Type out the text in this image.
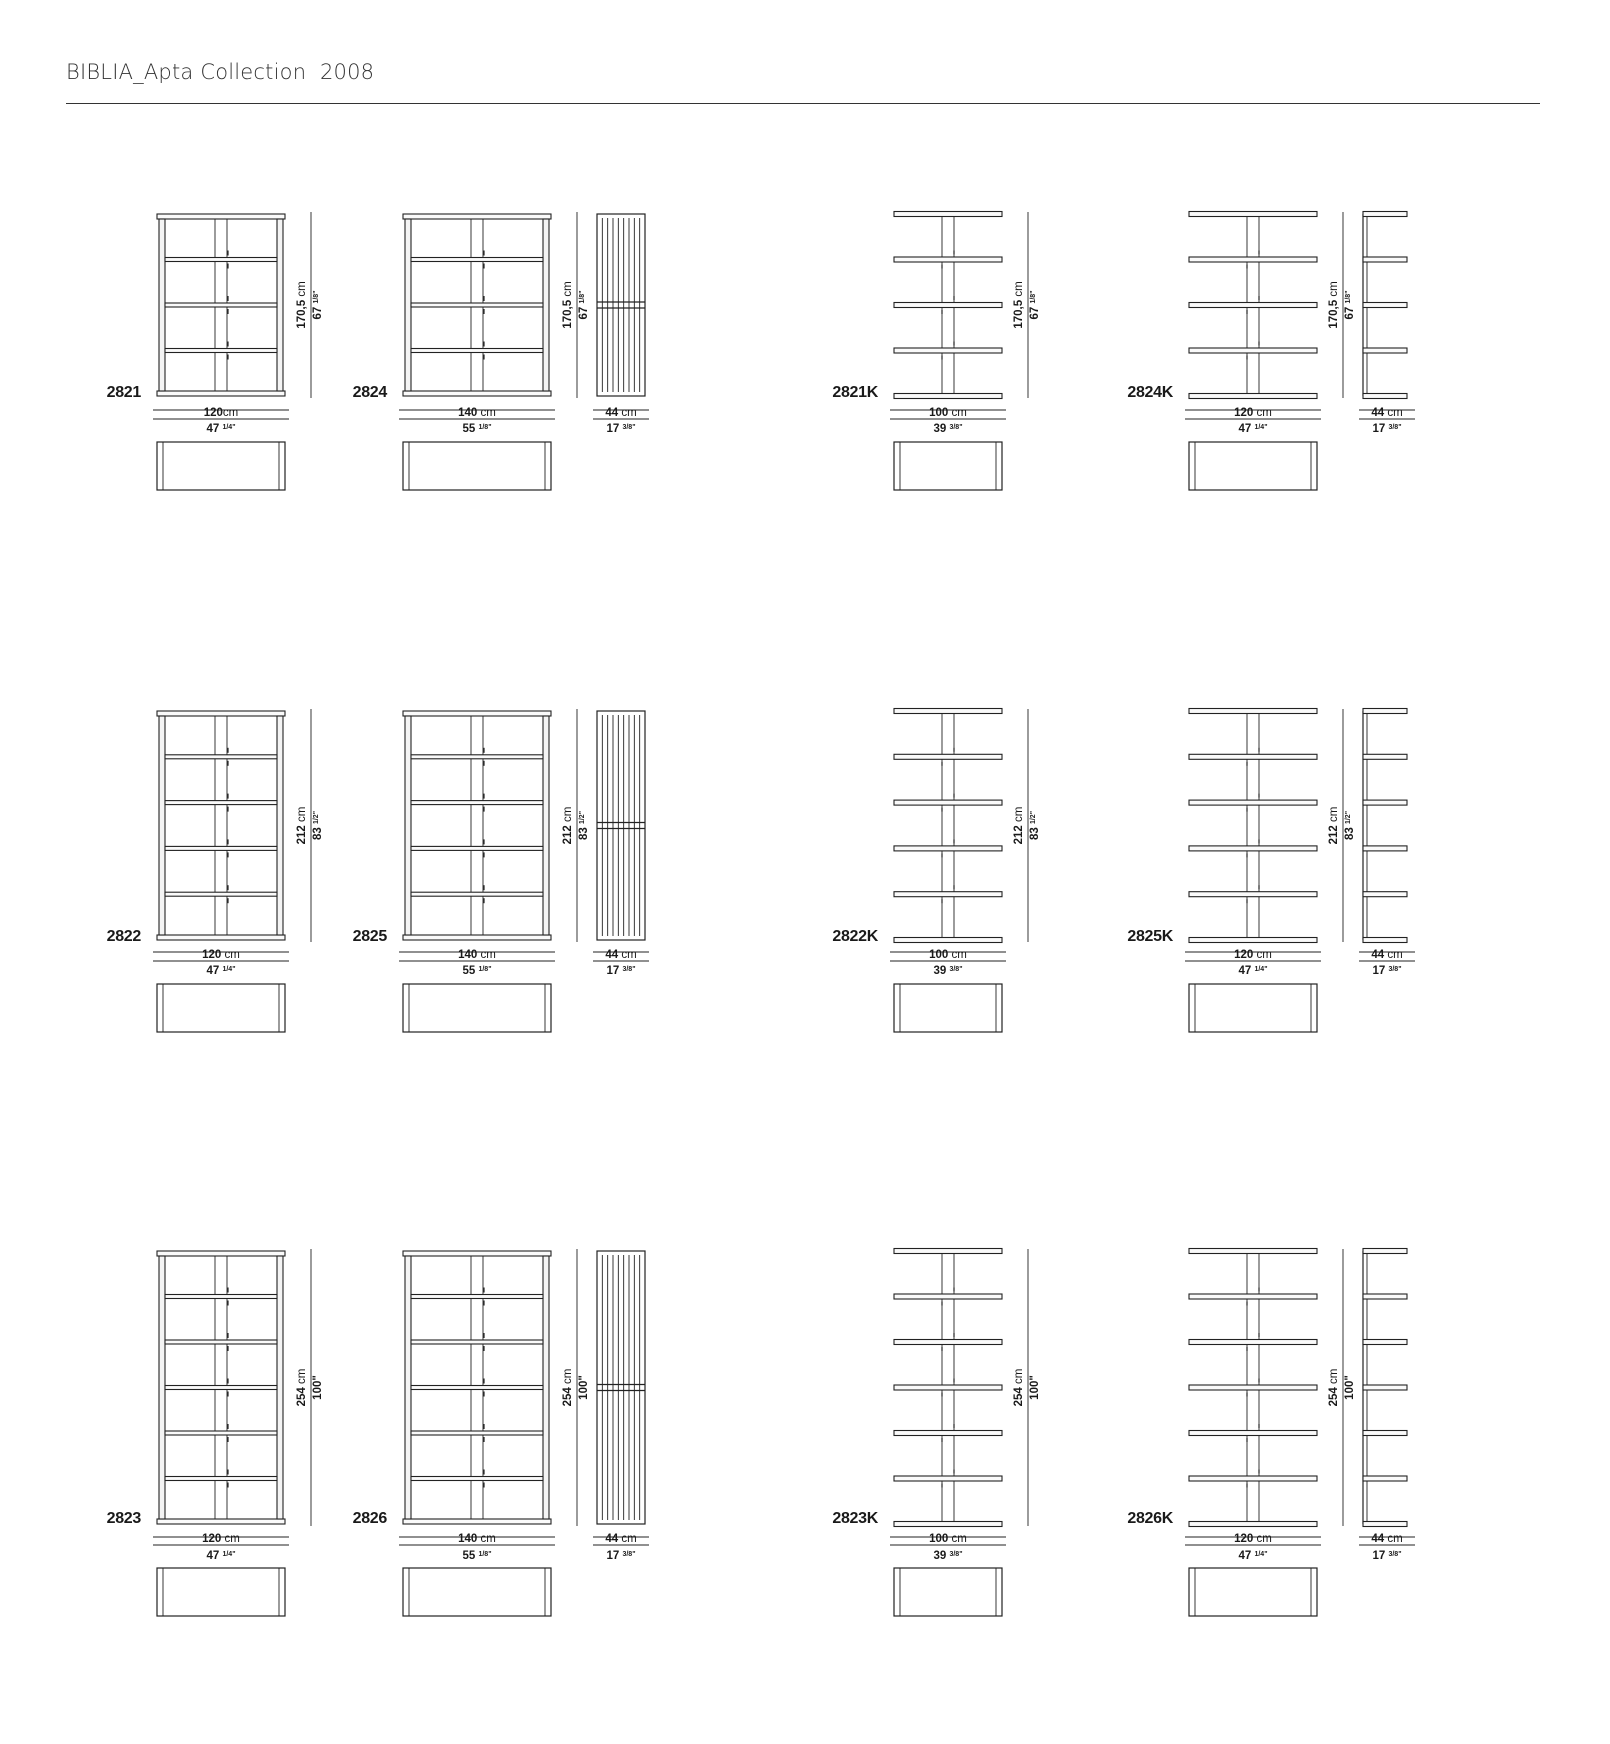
BIBLIA_Apta Collection  2008
2821
170,5 cm
67 $^{1/8}$"
120cm
47 $^{1/4}$"
2824
170,5 cm
67 $^{1/8}$"
140 cm
55 $^{1/8}$"
44 cm
17 $^{3/8}$"
2821K
170,5 cm
67 $^{1/8}$"
100 cm
39 $^{3/8}$"
2824K
170,5 cm
67 $^{1/8}$"
120 cm
47 $^{1/4}$"
44 cm
17 $^{3/8}$"
2822
212 cm
83 $^{1/2}$"
120 cm
47 $^{1/4}$"
2825
212 cm
83 $^{1/2}$"
140 cm
55 $^{1/8}$"
44 cm
17 $^{3/8}$"
2822K
212 cm
83 $^{1/2}$"
100 cm
39 $^{3/8}$"
2825K
212 cm
83 $^{1/2}$"
120 cm
47 $^{1/4}$"
44 cm
17 $^{3/8}$"
2823
254 cm 100"
120 cm
47 $^{1/4}$"
2826
254 cm 100"
140 cm
55 $^{1/8}$"
44 cm
17 $^{3/8}$"
2823K
254 cm 100"
100 cm
39 $^{3/8}$"
2826K
254 cm 100"
120 cm
47 $^{1/4}$"
44 cm
17 $^{3/8}$"
